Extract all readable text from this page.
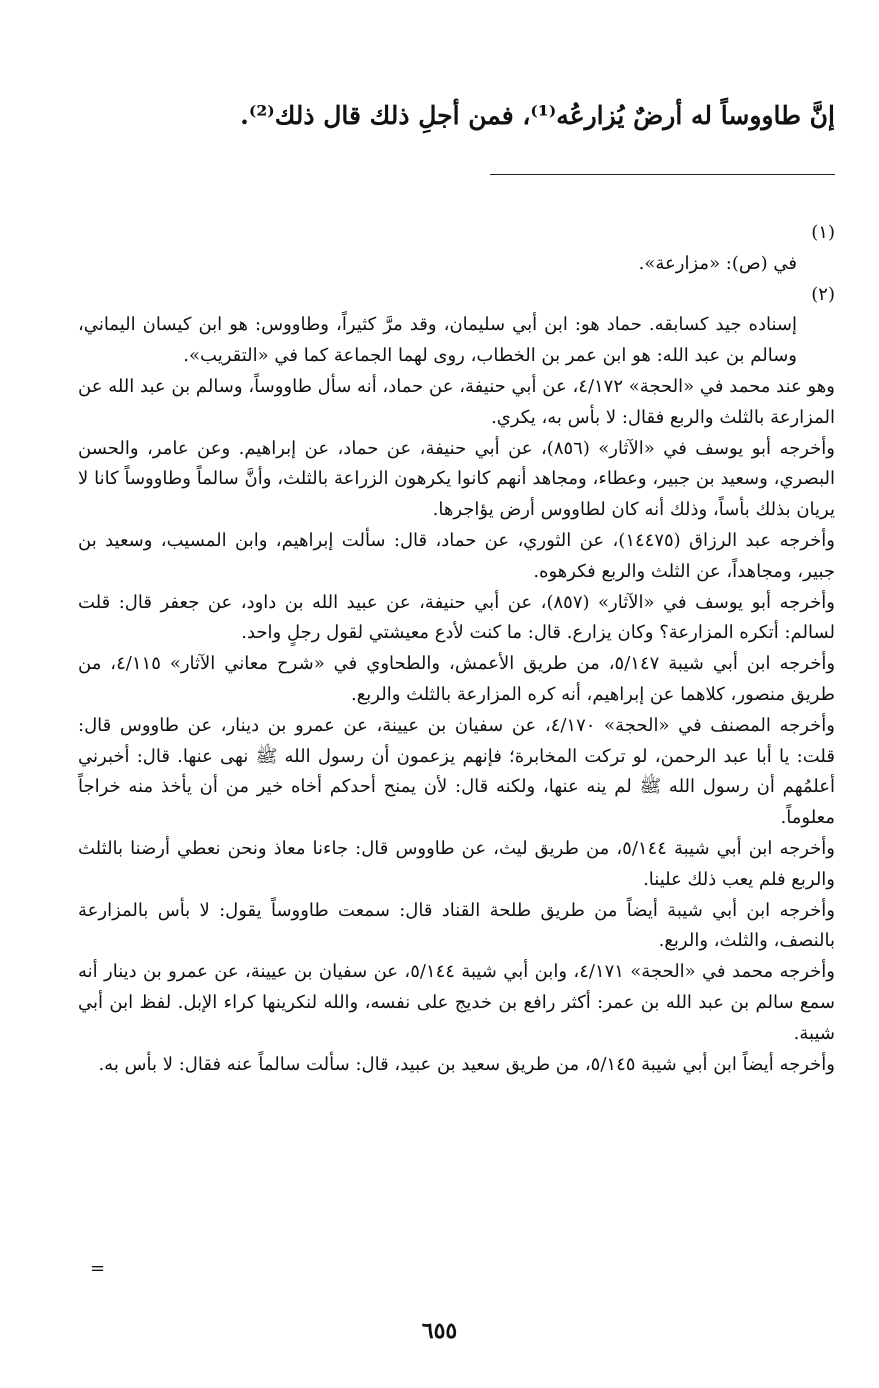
إنَّ طاووساً له أرضٌ يُزارعُه⁽¹⁾، فمن أجلِ ذلك قال ذلك⁽²⁾.

(١)

في (ص): «مزارعة».

(٢)

إسناده جيد كسابقه. حماد هو: ابن أبي سليمان، وقد مرَّ كثيراً، وطاووس: هو ابن كيسان اليماني، وسالم بن عبد الله: هو ابن عمر بن الخطاب، روى لهما الجماعة كما في «التقريب».

وهو عند محمد في «الحجة» ٤/١٧٢، عن أبي حنيفة، عن حماد، أنه سأل طاووساً، وسالم بن عبد الله عن المزارعة بالثلث والربع فقال: لا بأس به، يكري.

وأخرجه أبو يوسف في «الآثار» (٨٥٦)، عن أبي حنيفة، عن حماد، عن إبراهيم. وعن عامر، والحسن البصري، وسعيد بن جبير، وعطاء، ومجاهد أنهم كانوا يكرهون الزراعة بالثلث، وأنَّ سالماً وطاووساً كانا لا يريان بذلك بأساً، وذلك أنه كان لطاووس أرض يؤاجرها.

وأخرجه عبد الرزاق (١٤٤٧٥)، عن الثوري، عن حماد، قال: سألت إبراهيم، وابن المسيب، وسعيد بن جبير، ومجاهداً، عن الثلث والربع فكرهوه.

وأخرجه أبو يوسف في «الآثار» (٨٥٧)، عن أبي حنيفة، عن عبيد الله بن داود، عن جعفر قال: قلت لسالم: أتكره المزارعة؟ وكان يزارع. قال: ما كنت لأدع معيشتي لقول رجلٍ واحد.

وأخرجه ابن أبي شيبة ٥/١٤٧، من طريق الأعمش، والطحاوي في «شرح معاني الآثار» ٤/١١٥، من طريق منصور، كلاهما عن إبراهيم، أنه كره المزارعة بالثلث والربع.

وأخرجه المصنف في «الحجة» ٤/١٧٠، عن سفيان بن عيينة، عن عمرو بن دينار، عن طاووس قال: قلت: يا أبا عبد الرحمن، لو تركت المخابرة؛ فإنهم يزعمون أن رسول الله ﷺ نهى عنها. قال: أخبرني أعلمُهم أن رسول الله ﷺ لم ينه عنها، ولكنه قال: لأن يمنح أحدكم أخاه خير من أن يأخذ منه خراجاً معلوماً.

وأخرجه ابن أبي شيبة ٥/١٤٤، من طريق ليث، عن طاووس قال: جاءنا معاذ ونحن نعطي أرضنا بالثلث والربع فلم يعب ذلك علينا.

وأخرجه ابن أبي شيبة أيضاً من طريق طلحة القناد قال: سمعت طاووساً يقول: لا بأس بالمزارعة بالنصف، والثلث، والربع.

وأخرجه محمد في «الحجة» ٤/١٧١، وابن أبي شيبة ٥/١٤٤، عن سفيان بن عيينة، عن عمرو بن دينار أنه سمع سالم بن عبد الله بن عمر: أكثر رافع بن خديج على نفسه، والله لنكرينها كراء الإبل. لفظ ابن أبي شيبة.

وأخرجه أيضاً ابن أبي شيبة ٥/١٤٥، من طريق سعيد بن عبيد، قال: سألت سالماً عنه فقال: لا بأس به.

=
٦٥٥
